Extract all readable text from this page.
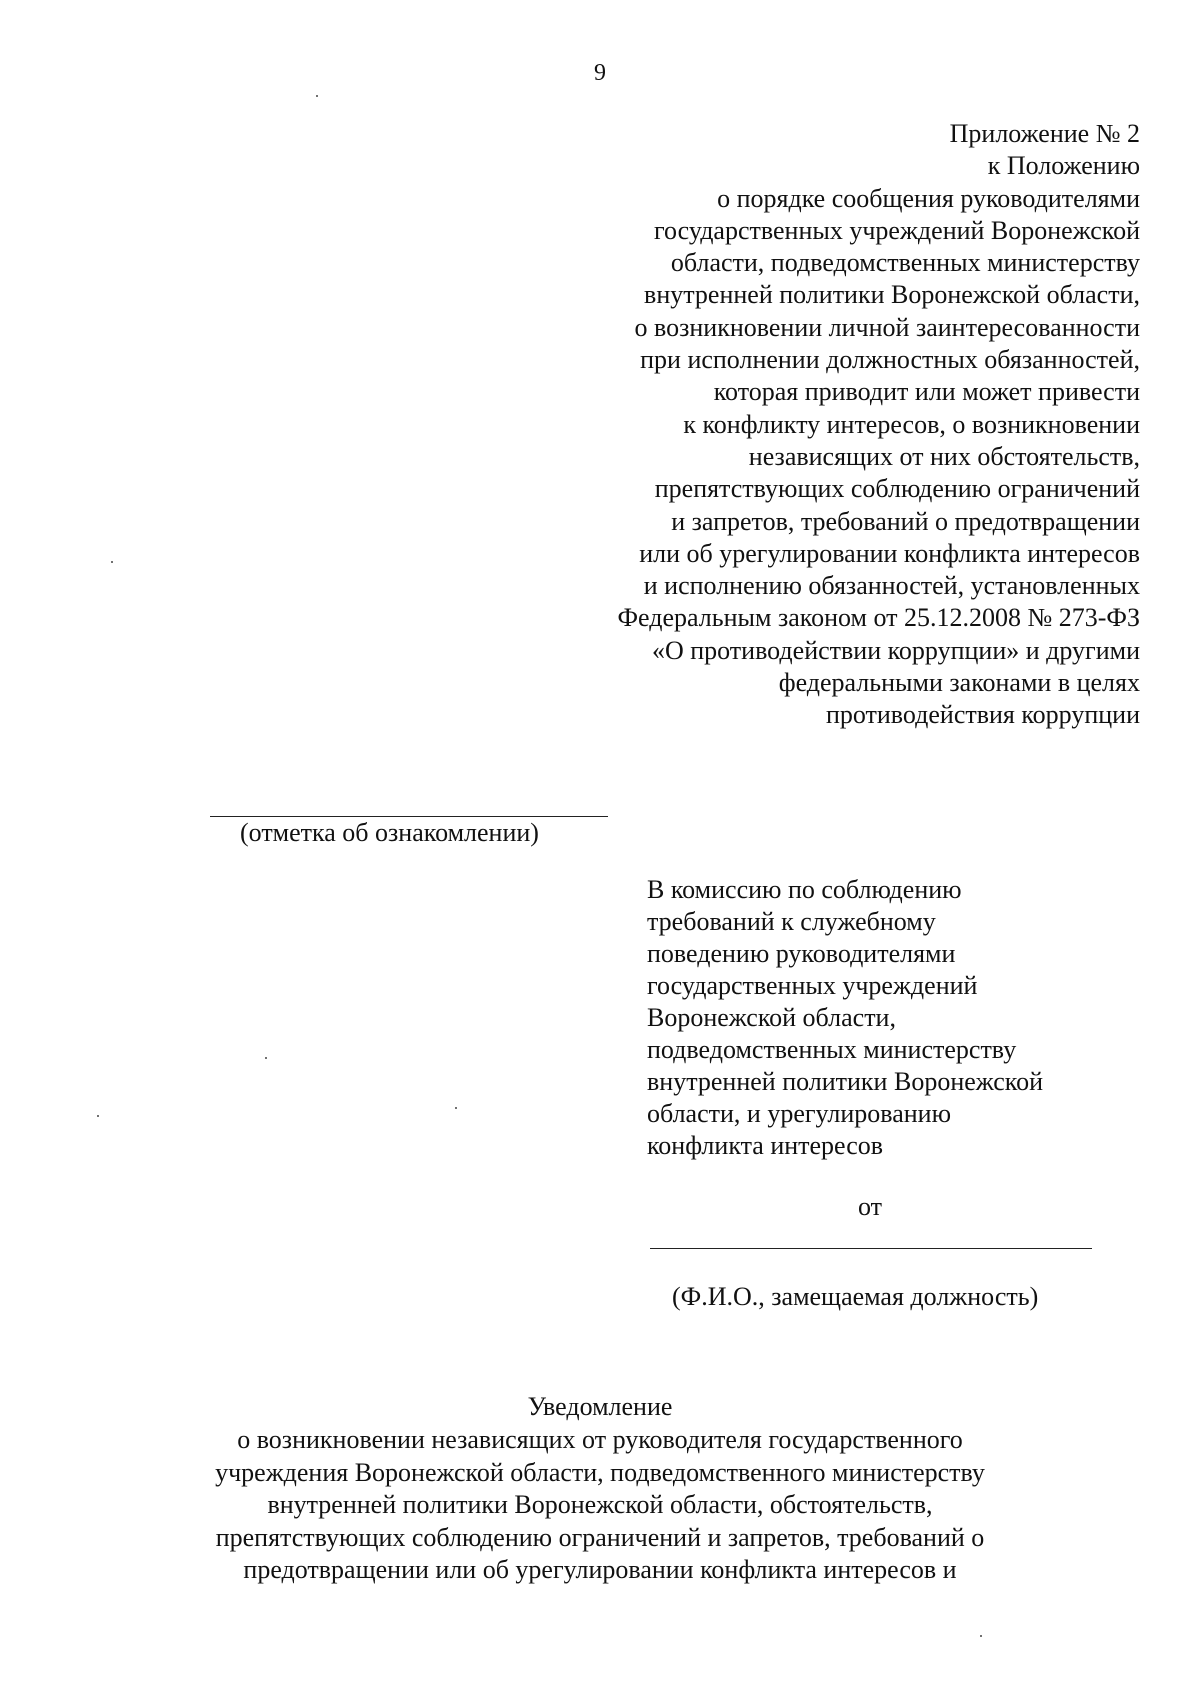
9
Приложение № 2
к Положению
о порядке сообщения руководителями
государственных учреждений Воронежской
области, подведомственных министерству
внутренней политики Воронежской области,
о возникновении личной заинтересованности
при исполнении должностных обязанностей,
которая приводит или может привести
к конфликту интересов, о возникновении
независящих от них обстоятельств,
препятствующих соблюдению ограничений
и запретов, требований о предотвращении
или об урегулировании конфликта интересов
и исполнению обязанностей, установленных
Федеральным законом от 25.12.2008 № 273-ФЗ
«О противодействии коррупции» и другими
федеральными законами в целях
противодействия коррупции
(отметка об ознакомлении)
В комиссию по соблюдению
требований к служебному
поведению руководителями
государственных учреждений
Воронежской области,
подведомственных министерству
внутренней политики Воронежской
области, и урегулированию
конфликта интересов
от
(Ф.И.О., замещаемая должность)
Уведомление
о возникновении независящих от руководителя государственного
учреждения Воронежской области, подведомственного министерству
внутренней политики Воронежской области, обстоятельств,
препятствующих соблюдению ограничений и запретов, требований о
предотвращении или об урегулировании конфликта интересов и
